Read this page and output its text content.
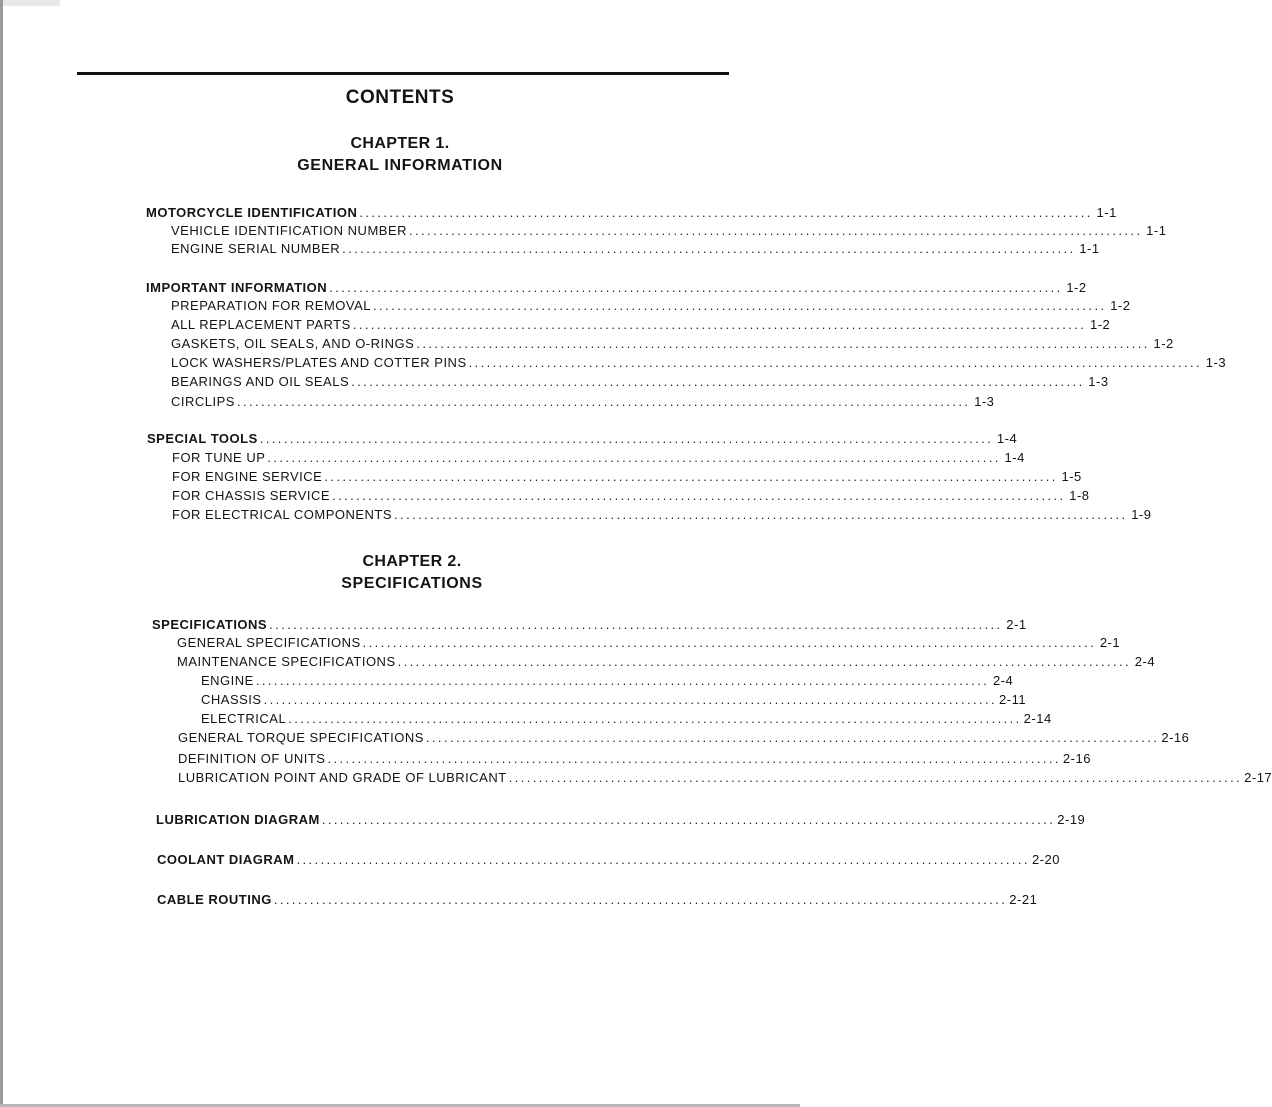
CONTENTS
CHAPTER 1.
GENERAL INFORMATION
MOTORCYCLE IDENTIFICATION .......................................................................................................................... 1-1
VEHICLE IDENTIFICATION NUMBER .......................................................................................................................... 1-1
ENGINE SERIAL NUMBER .......................................................................................................................... 1-1
IMPORTANT INFORMATION .......................................................................................................................... 1-2
PREPARATION FOR REMOVAL .......................................................................................................................... 1-2
ALL REPLACEMENT PARTS .......................................................................................................................... 1-2
GASKETS, OIL SEALS, AND O-RINGS .......................................................................................................................... 1-2
LOCK WASHERS/PLATES AND COTTER PINS .......................................................................................................................... 1-3
BEARINGS AND OIL SEALS .......................................................................................................................... 1-3
CIRCLIPS .......................................................................................................................... 1-3
SPECIAL TOOLS .......................................................................................................................... 1-4
FOR TUNE UP .......................................................................................................................... 1-4
FOR ENGINE SERVICE .......................................................................................................................... 1-5
FOR CHASSIS SERVICE .......................................................................................................................... 1-8
FOR ELECTRICAL COMPONENTS .......................................................................................................................... 1-9
CHAPTER 2.
SPECIFICATIONS
SPECIFICATIONS .......................................................................................................................... 2-1
GENERAL SPECIFICATIONS .......................................................................................................................... 2-1
MAINTENANCE SPECIFICATIONS .......................................................................................................................... 2-4
ENGINE .......................................................................................................................... 2-4
CHASSIS .......................................................................................................................... 2-11
ELECTRICAL .......................................................................................................................... 2-14
GENERAL TORQUE SPECIFICATIONS .......................................................................................................................... 2-16
DEFINITION OF UNITS .......................................................................................................................... 2-16
LUBRICATION POINT AND GRADE OF LUBRICANT .......................................................................................................................... 2-17
LUBRICATION DIAGRAM .......................................................................................................................... 2-19
COOLANT DIAGRAM .......................................................................................................................... 2-20
CABLE ROUTING .......................................................................................................................... 2-21
